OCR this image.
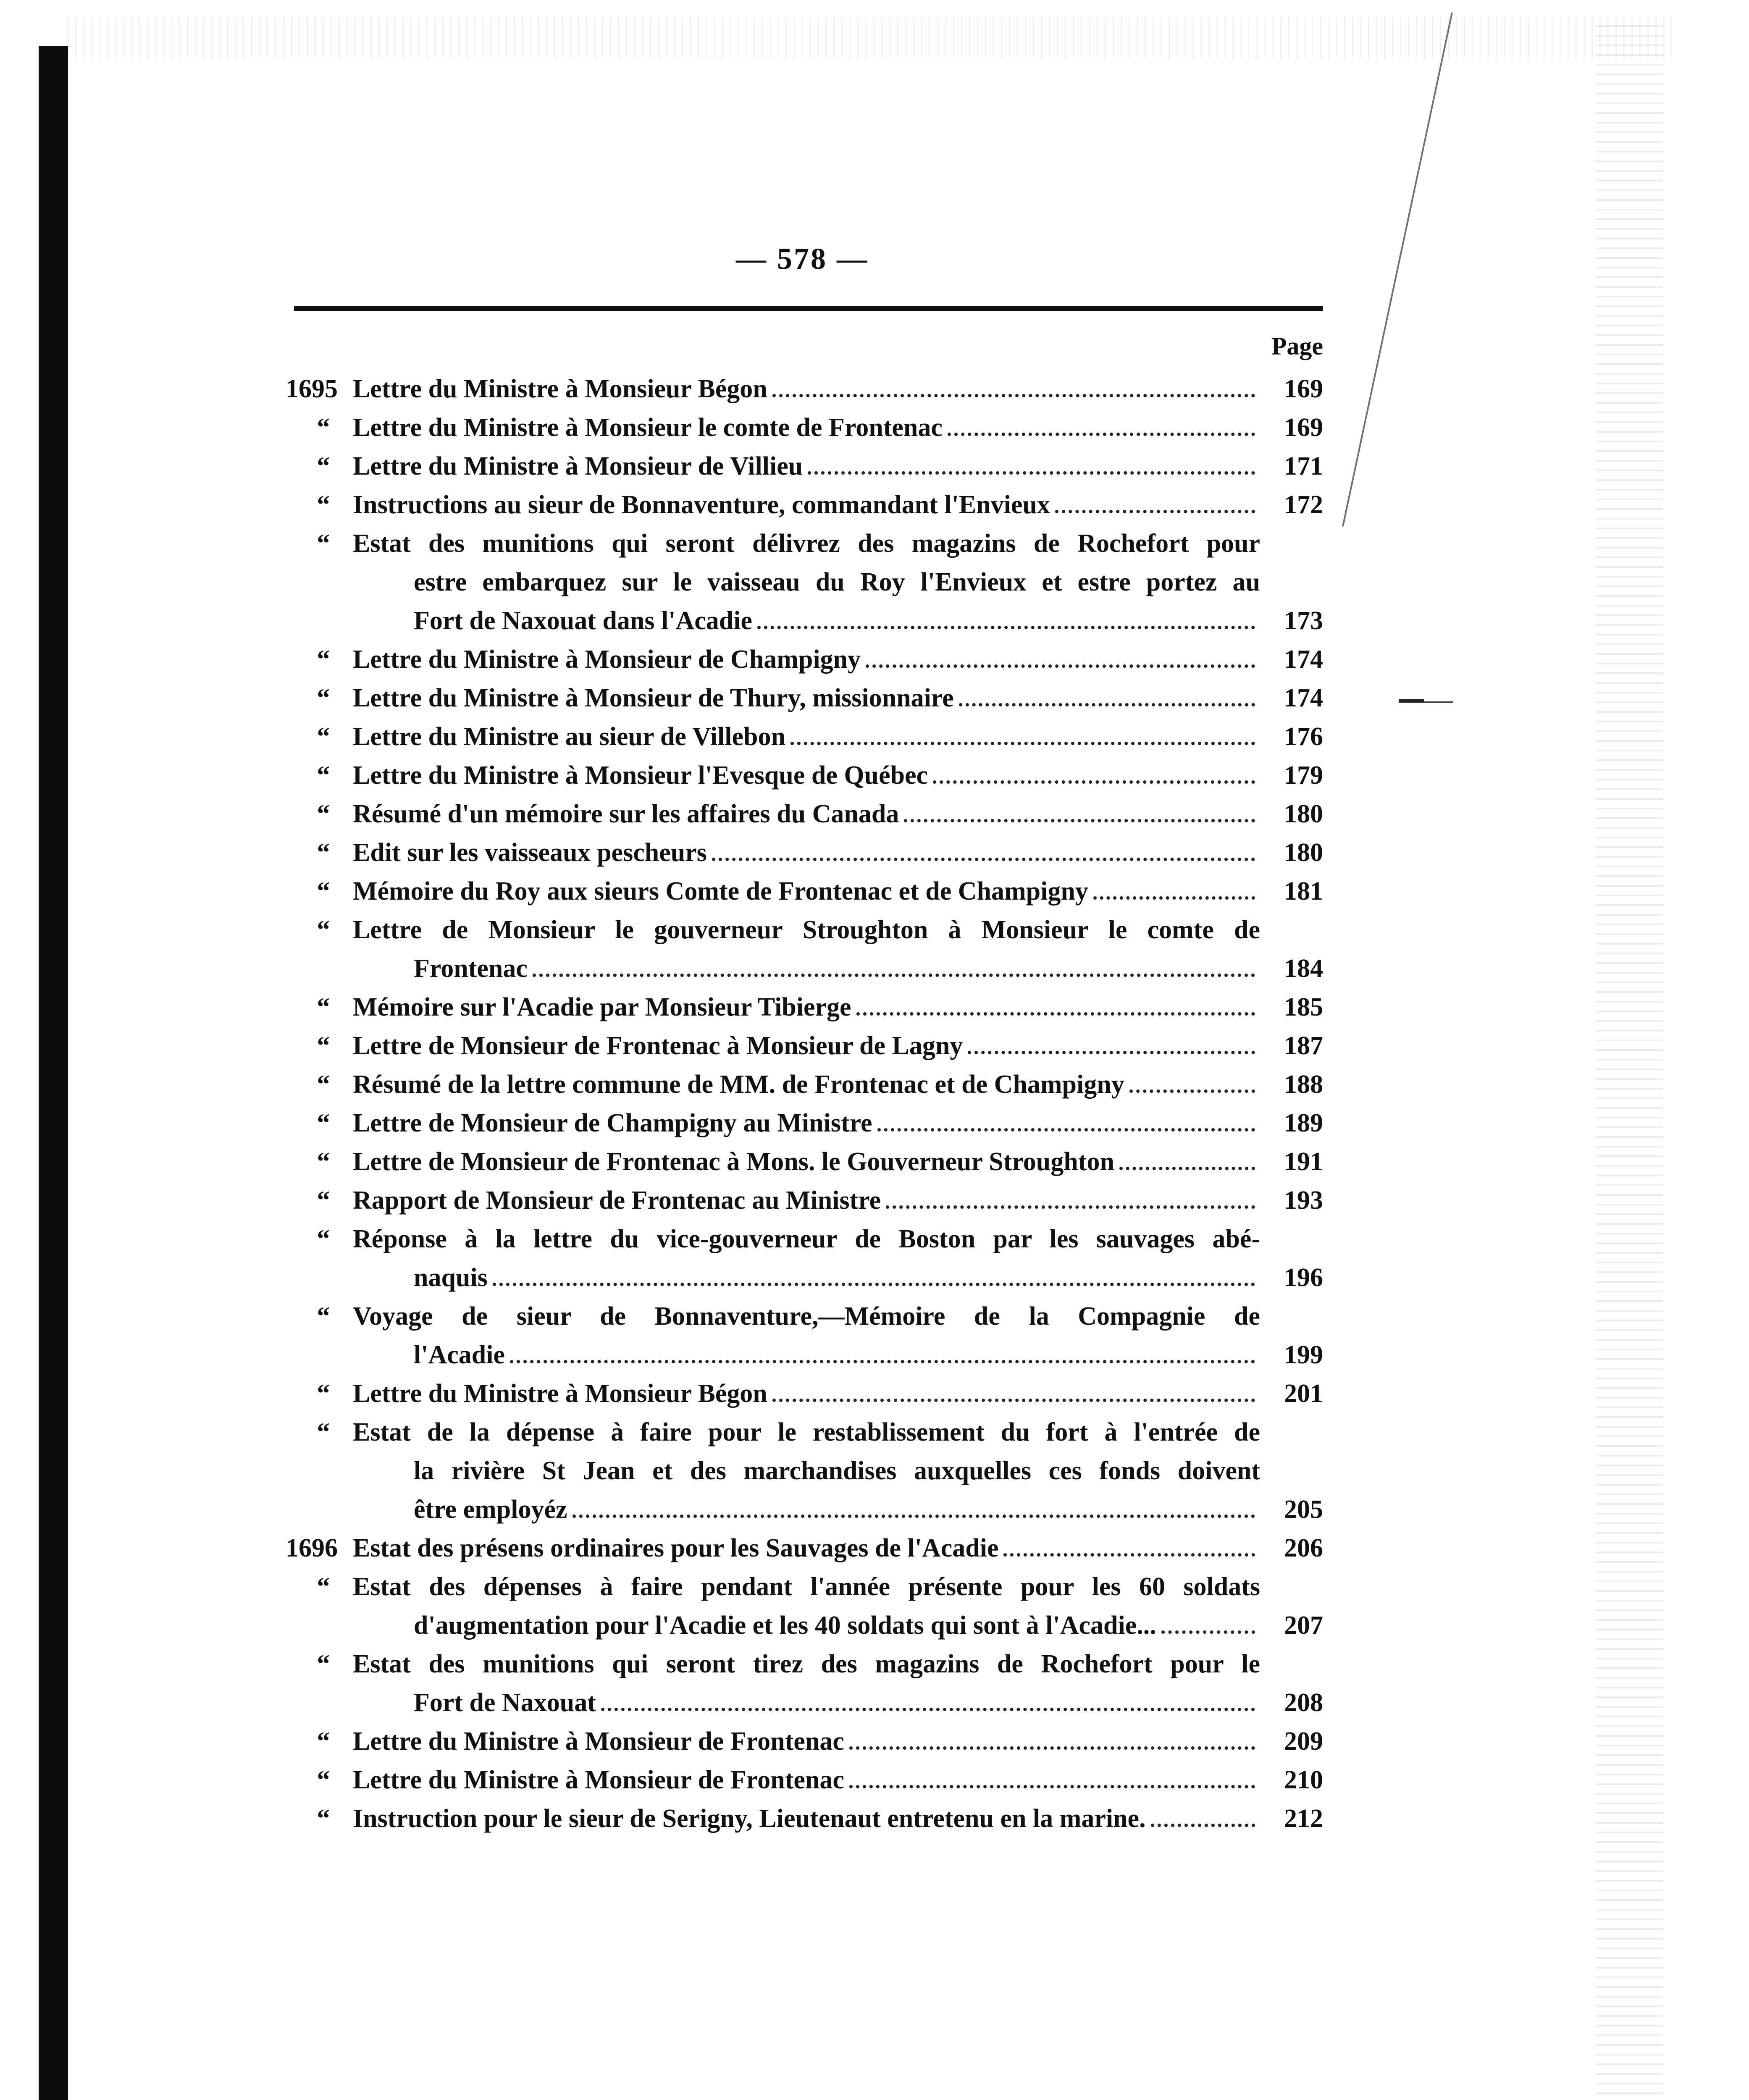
— 578 —
Page
1695 Lettre du Ministre à Monsieur Bégon	169
“ Lettre du Ministre à Monsieur le comte de Frontenac	169
“ Lettre du Ministre à Monsieur de Villieu	171
“ Instructions au sieur de Bonnaventure, commandant l'Envieux	172
“ Estat des munitions qui seront délivrez des magazins de Rochefort pour
estre embarquez sur le vaisseau du Roy l'Envieux et estre portez au
Fort de Naxouat dans l'Acadie	173
“ Lettre du Ministre à Monsieur de Champigny	174
“ Lettre du Ministre à Monsieur de Thury, missionnaire	174
“ Lettre du Ministre au sieur de Villebon	176
“ Lettre du Ministre à Monsieur l'Evesque de Québec	179
“ Résumé d'un mémoire sur les affaires du Canada	180
“ Edit sur les vaisseaux pescheurs	180
“ Mémoire du Roy aux sieurs Comte de Frontenac et de Champigny	181
“ Lettre de Monsieur le gouverneur Stroughton à Monsieur le comte de
Frontenac	184
“ Mémoire sur l'Acadie par Monsieur Tibierge	185
“ Lettre de Monsieur de Frontenac à Monsieur de Lagny	187
“ Résumé de la lettre commune de MM. de Frontenac et de Champigny	188
“ Lettre de Monsieur de Champigny au Ministre	189
“ Lettre de Monsieur de Frontenac à Mons. le Gouverneur Stroughton	191
“ Rapport de Monsieur de Frontenac au Ministre	193
“ Réponse à la lettre du vice-gouverneur de Boston par les sauvages abé-
naquis	196
“ Voyage de sieur de Bonnaventure,—Mémoire de la Compagnie de
l'Acadie	199
“ Lettre du Ministre à Monsieur Bégon	201
“ Estat de la dépense à faire pour le restablissement du fort à l'entrée de
la rivière St Jean et des marchandises auxquelles ces fonds doivent
être employéz	205
1696 Estat des présens ordinaires pour les Sauvages de l'Acadie	206
“ Estat des dépenses à faire pendant l'année présente pour les 60 soldats
d'augmentation pour l'Acadie et les 40 soldats qui sont à l'Acadie...	207
“ Estat des munitions qui seront tirez des magazins de Rochefort pour le
Fort de Naxouat	208
“ Lettre du Ministre à Monsieur de Frontenac	209
“ Lettre du Ministre à Monsieur de Frontenac	210
“ Instruction pour le sieur de Serigny, Lieutenaut entretenu en la marine.	212
